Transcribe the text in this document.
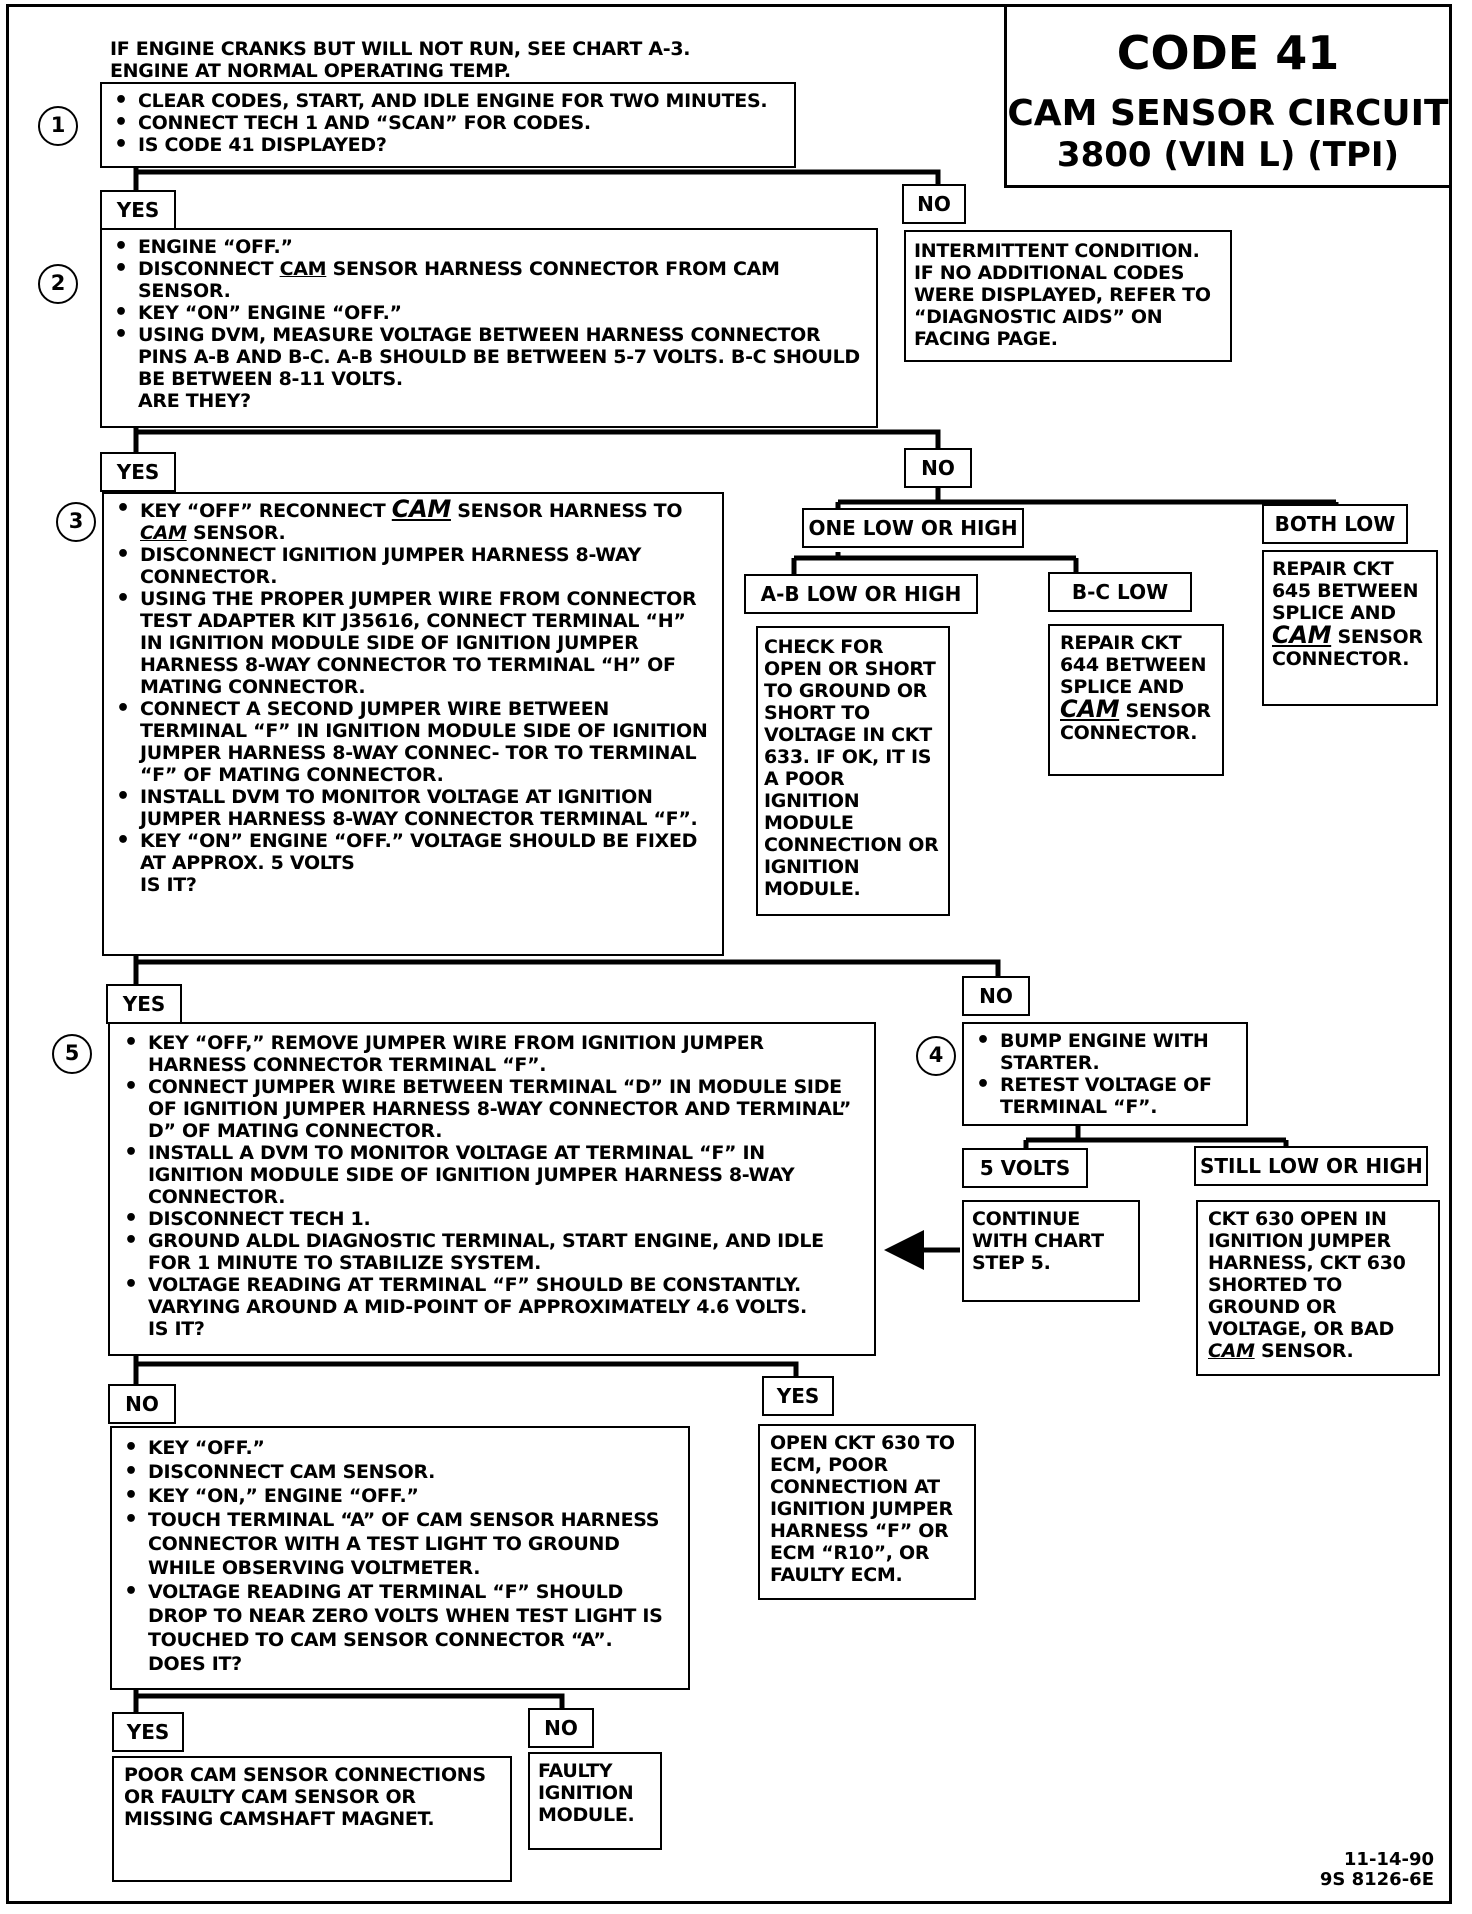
CODE 41
CAM SENSOR CIRCUIT
3800 (VIN L) (TPI)
IF ENGINE CRANKS BUT WILL NOT RUN, SEE CHART A-3.
ENGINE AT NORMAL OPERATING TEMP.
1
• CLEAR CODES, START, AND IDLE ENGINE FOR TWO MINUTES.
• CONNECT TECH 1 AND “SCAN” FOR CODES.
• IS CODE 41 DISPLAYED?
YES	NO
INTERMITTENT CONDITION. IF NO ADDITIONAL CODES WERE DISPLAYED, REFER TO “DIAGNOSTIC AIDS” ON FACING PAGE.
2
• ENGINE “OFF.”
• DISCONNECT CAM SENSOR HARNESS CONNECTOR FROM CAM SENSOR.
• KEY “ON” ENGINE “OFF.”
• USING DVM, MEASURE VOLTAGE BETWEEN HARNESS CONNECTOR PINS A-B AND B-C. A-B SHOULD BE BETWEEN 5-7 VOLTS. B-C SHOULD BE BETWEEN 8-11 VOLTS.
ARE THEY?
YES	NO
ONE LOW OR HIGH	BOTH LOW
A-B LOW OR HIGH	B-C LOW
REPAIR CKT 645 BETWEEN SPLICE AND CAM SENSOR CONNECTOR.
CHECK FOR OPEN OR SHORT TO GROUND OR SHORT TO VOLTAGE IN CKT 633. IF OK, IT IS A POOR IGNITION MODULE CONNECTION OR IGNITION MODULE.
REPAIR CKT 644 BETWEEN SPLICE AND CAM SENSOR CONNECTOR.
3	• KEY “OFF” RECONNECT CAM SENSOR HARNESS TO CAM SENSOR.
• DISCONNECT IGNITION JUMPER HARNESS 8-WAY CONNECTOR.
• USING THE PROPER JUMPER WIRE FROM CONNECTOR TEST ADAPTER KIT J35616, CONNECT TERMINAL “H” IN IGNITION MODULE SIDE OF IGNITION JUMPER HARNESS 8-WAY CONNECTOR TO TERMINAL “H” OF MATING CONNECTOR.
• CONNECT A SECOND JUMPER WIRE BETWEEN TERMINAL “F” IN IGNITION MODULE SIDE OF IGNITION JUMPER HARNESS 8-WAY CONNEC- TOR TO TERMINAL “F” OF MATING CONNECTOR.
• INSTALL DVM TO MONITOR VOLTAGE AT IGNITION JUMPER HARNESS 8-WAY CONNECTOR TERMINAL “F”.
• KEY “ON” ENGINE “OFF.” VOLTAGE SHOULD BE FIXED AT APPROX. 5 VOLTS
IS IT?
YES	NO
4
• BUMP ENGINE WITH STARTER.
• RETEST VOLTAGE OF TERMINAL “F”.
5 VOLTS	STILL LOW OR HIGH
CONTINUE WITH CHART STEP 5.
CKT 630 OPEN IN IGNITION JUMPER HARNESS, CKT 630 SHORTED TO GROUND OR VOLTAGE, OR BAD CAM SENSOR.
5	• KEY “OFF,” REMOVE JUMPER WIRE FROM IGNITION JUMPER HARNESS CONNECTOR TERMINAL “F”.
• CONNECT JUMPER WIRE BETWEEN TERMINAL “D” IN MODULE SIDE OF IGNITION JUMPER HARNESS 8-WAY CONNECTOR AND TERMINAL” D” OF MATING CONNECTOR.
• INSTALL A DVM TO MONITOR VOLTAGE AT TERMINAL “F” IN IGNITION MODULE SIDE OF IGNITION JUMPER HARNESS 8-WAY CONNECTOR.
• DISCONNECT TECH 1.
• GROUND ALDL DIAGNOSTIC TERMINAL, START ENGINE, AND IDLE FOR 1 MINUTE TO STABILIZE SYSTEM.
• VOLTAGE READING AT TERMINAL “F” SHOULD BE CONSTANTLY. VARYING AROUND A MID-POINT OF APPROXIMATELY 4.6 VOLTS.
IS IT?
NO	YES
OPEN CKT 630 TO ECM, POOR CONNECTION AT IGNITION JUMPER HARNESS “F” OR ECM “R10”, OR FAULTY ECM.
• KEY “OFF.”
• DISCONNECT CAM SENSOR.
• KEY “ON,” ENGINE “OFF.”
• TOUCH TERMINAL “A” OF CAM SENSOR HARNESS CONNECTOR WITH A TEST LIGHT TO GROUND WHILE OBSERVING VOLTMETER.
• VOLTAGE READING AT TERMINAL “F” SHOULD DROP TO NEAR ZERO VOLTS WHEN TEST LIGHT IS TOUCHED TO CAM SENSOR CONNECTOR “A”.
DOES IT?
YES	NO
POOR CAM SENSOR CONNECTIONS OR FAULTY CAM SENSOR OR MISSING CAMSHAFT MAGNET.
FAULTY IGNITION MODULE.
11-14-90
9S 8126-6E
